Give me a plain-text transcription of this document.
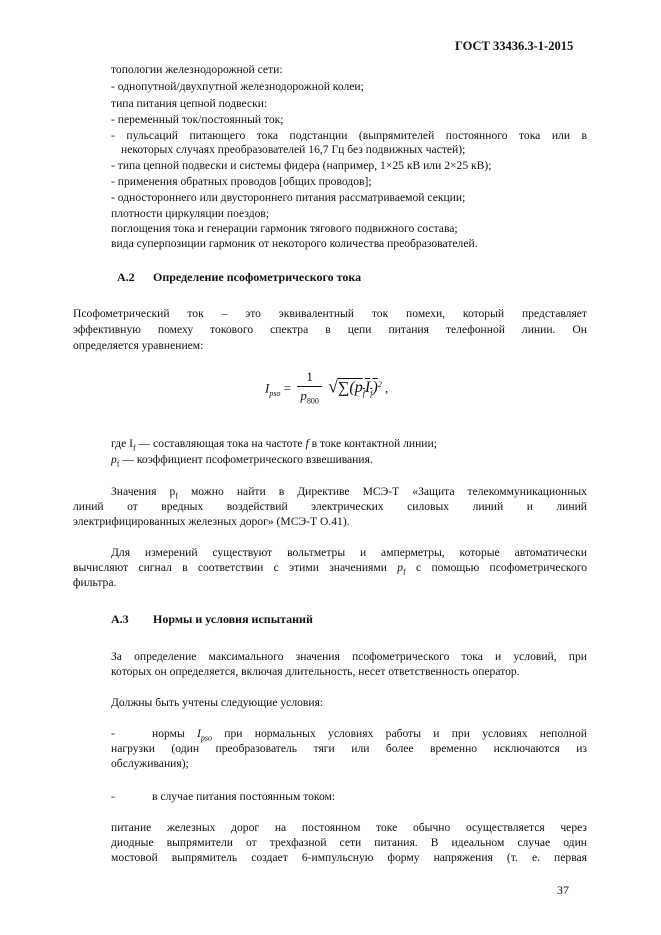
ГОСТ 33436.3-1-2015
топологии железнодорожной сети:
- однопутной/двухпутной железнодорожной колеи;
типа питания цепной подвески:
- переменный ток/постоянный ток;
- пульсаций питающего тока подстанции (выпрямителей постоянного тока или в
некоторых случаях преобразователей 16,7 Гц без подвижных частей);
- типа цепной подвески и системы фидера (например, 1×25 кВ или 2×25 кВ);
- применения обратных проводов [общих проводов];
- одностороннего или двустороннего питания рассматриваемой секции;
плотности циркуляции поездов;
поглощения тока и генерации гармоник тягового подвижного состава;
вида суперпозиции гармоник от некоторого количества преобразователей.
А.2 Определение псофометрического тока
Псофометрический ток – это эквивалентный ток помехи, который представляет
эффективную помеху токового спектра в цепи питания телефонной линии. Он
определяется уравнением:
$I_{pso} = \frac{1}{p_{800}} √\sum(p_fI_f)^2$ ,
где $I_f$ — составляющая тока на частоте f в токе контактной линии;
$p_f$ — коэффициент псофометрического взвешивания.
Значения $p_f$ можно найти в Директиве МСЭ-Т «Защита телекоммуникационных
линий от вредных воздействий электрических силовых линий и линий
электрифицированных железных дорог» (МСЭ-Т О.41).
Для измерений существуют вольтметры и амперметры, которые автоматически
вычисляют сигнал в соответствии с этими значениями $p_f$ с помощью псофометрического
фильтра.
А.3 Нормы и условия испытаний
За определение максимального значения псофометрического тока и условий, при
которых он определяется, включая длительность, несет ответственность оператор.
Должны быть учтены следующие условия:
-	нормы $I_{pso}$ при нормальных условиях работы и при условиях неполной
нагрузки (один преобразователь тяги или более временно исключаются из
обслуживания);
-	в случае питания постоянным током:
питание железных дорог на постоянном токе обычно осуществляется через
диодные выпрямители от трехфазной сети питания. В идеальном случае один
мостовой выпрямитель создает 6-импульсную форму напряжения (т. е. первая
37
